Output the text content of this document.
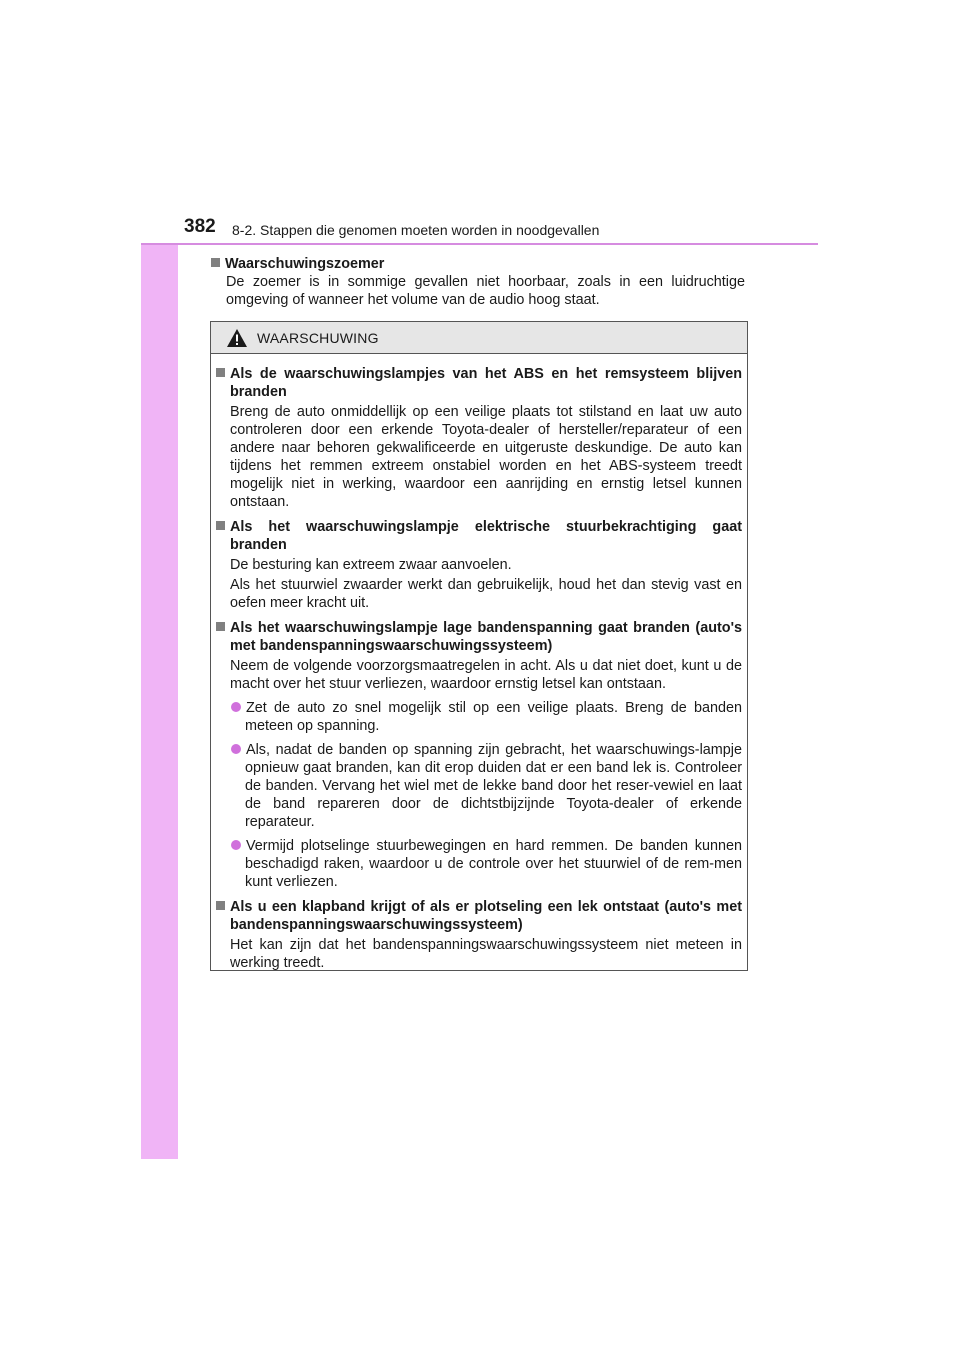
382 8-2. Stappen die genomen moeten worden in noodgevallen
Waarschuwingszoemer
De zoemer is in sommige gevallen niet hoorbaar, zoals in een luidruchtige omgeving of wanneer het volume van de audio hoog staat.
WAARSCHUWING
Als de waarschuwingslampjes van het ABS en het remsysteem blijven branden
Breng de auto onmiddellijk op een veilige plaats tot stilstand en laat uw auto controleren door een erkende Toyota-dealer of hersteller/reparateur of een andere naar behoren gekwalificeerde en uitgeruste deskundige. De auto kan tijdens het remmen extreem onstabiel worden en het ABS-systeem treedt mogelijk niet in werking, waardoor een aanrijding en ernstig letsel kunnen ontstaan.
Als het waarschuwingslampje elektrische stuurbekrachtiging gaat branden
De besturing kan extreem zwaar aanvoelen.
Als het stuurwiel zwaarder werkt dan gebruikelijk, houd het dan stevig vast en oefen meer kracht uit.
Als het waarschuwingslampje lage bandenspanning gaat branden (auto's met bandenspanningswaarschuwingssysteem)
Neem de volgende voorzorgsmaatregelen in acht. Als u dat niet doet, kunt u de macht over het stuur verliezen, waardoor ernstig letsel kan ontstaan.
Zet de auto zo snel mogelijk stil op een veilige plaats. Breng de banden meteen op spanning.
Als, nadat de banden op spanning zijn gebracht, het waarschuwings-lampje opnieuw gaat branden, kan dit erop duiden dat er een band lek is. Controleer de banden. Vervang het wiel met de lekke band door het reser-vewiel en laat de band repareren door de dichtstbijzijnde Toyota-dealer of erkende reparateur.
Vermijd plotselinge stuurbewegingen en hard remmen. De banden kunnen beschadigd raken, waardoor u de controle over het stuurwiel of de rem-men kunt verliezen.
Als u een klapband krijgt of als er plotseling een lek ontstaat (auto's met bandenspanningswaarschuwingssysteem)
Het kan zijn dat het bandenspanningswaarschuwingssysteem niet meteen in werking treedt.
